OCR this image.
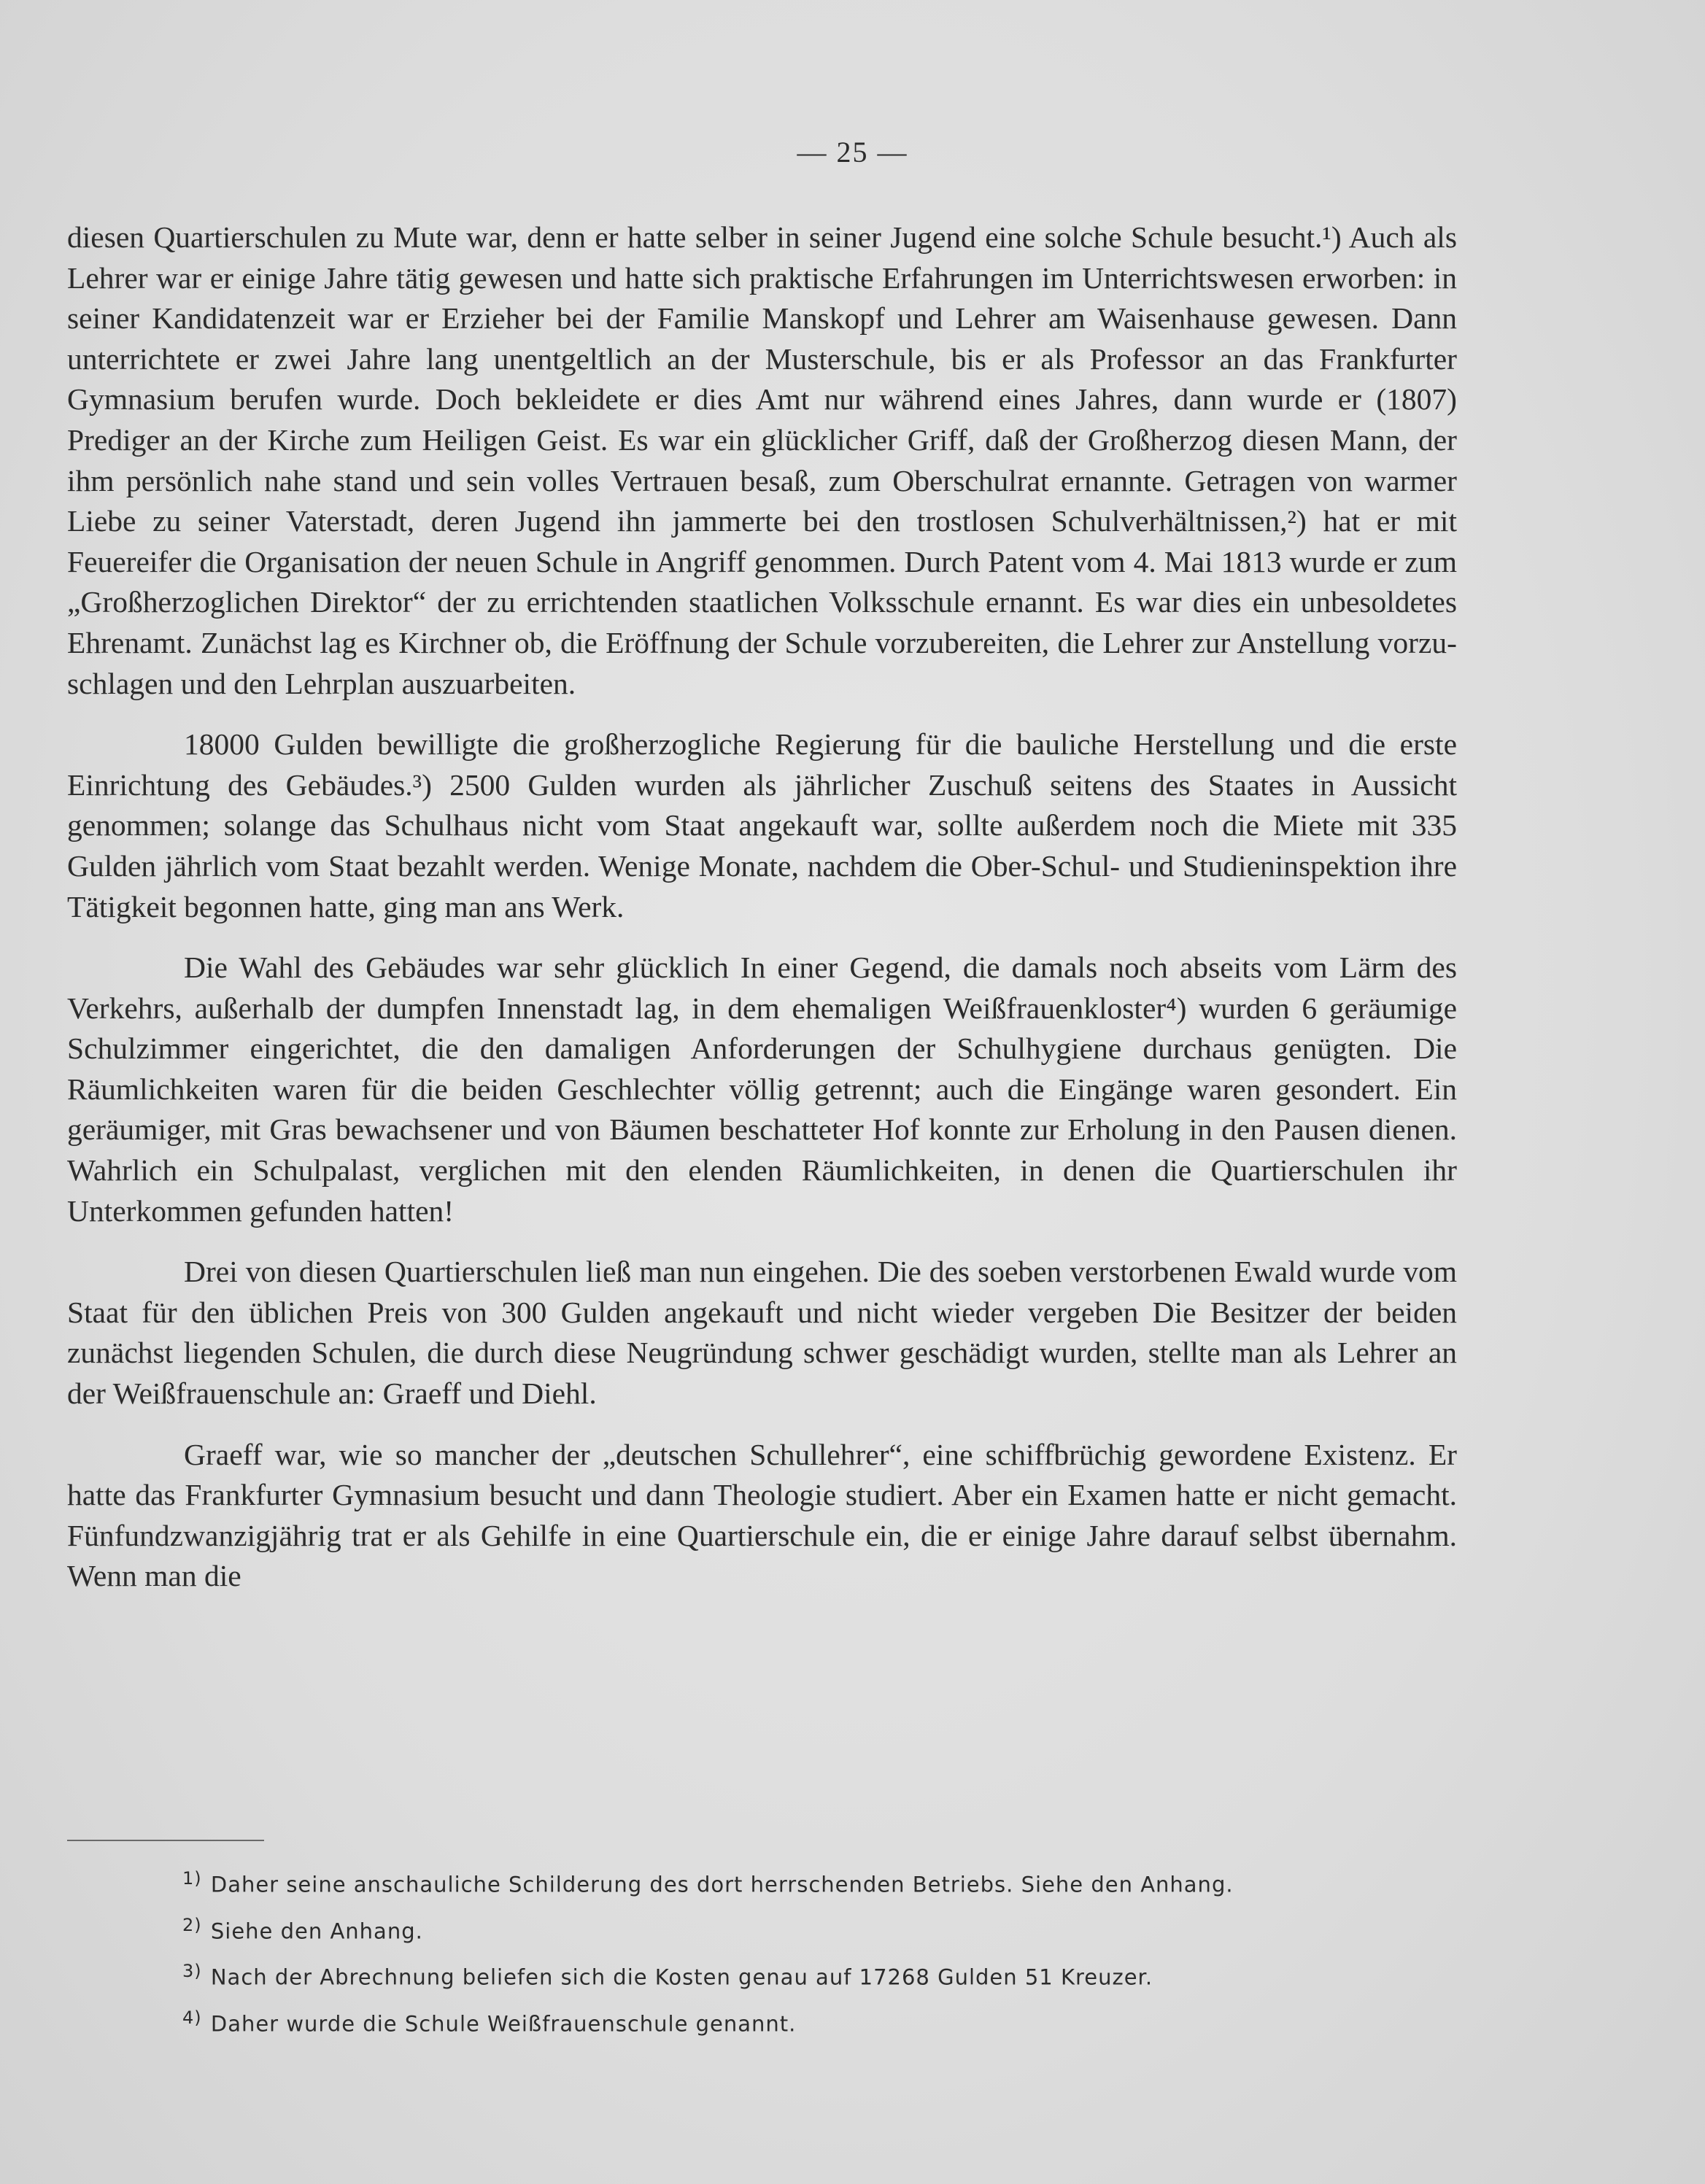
— 25 —

diesen Quartierschulen zu Mute war, denn er hatte selber in seiner Jugend eine solche Schule besucht.¹) Auch als Lehrer war er einige Jahre tätig gewesen und hatte sich praktische Erfahrungen im Unterrichtswesen erworben: in seiner Kandidatenzeit war er Erzieher bei der Familie Manskopf und Lehrer am Waisenhause gewesen. Dann unterrichtete er zwei Jahre lang unentgeltlich an der Musterschule, bis er als Professor an das Frankfurter Gymnasium berufen wurde. Doch bekleidete er dies Amt nur während eines Jahres, dann wurde er (1807) Prediger an der Kirche zum Heiligen Geist. Es war ein glücklicher Griff, daß der Großherzog diesen Mann, der ihm persönlich nahe stand und sein volles Vertrauen besaß, zum Oberschulrat ernannte. Getragen von warmer Liebe zu seiner Vaterstadt, deren Jugend ihn jammerte bei den trostlosen Schulverhältnissen,²) hat er mit Feuereifer die Organisation der neuen Schule in Angriff genommen. Durch Patent vom 4. Mai 1813 wurde er zum „Großherzoglichen Direktor“ der zu errichtenden staatlichen Volksschule ernannt. Es war dies ein unbesoldetes Ehrenamt. Zunächst lag es Kirchner ob, die Eröffnung der Schule vorzubereiten, die Lehrer zur Anstellung vorzuschlagen und den Lehrplan auszuarbeiten.

18000 Gulden bewilligte die großherzogliche Regierung für die bauliche Herstellung und die erste Einrichtung des Gebäudes.³) 2500 Gulden wurden als jährlicher Zuschuß seitens des Staates in Aussicht genommen; solange das Schulhaus nicht vom Staat angekauft war, sollte außerdem noch die Miete mit 335 Gulden jährlich vom Staat bezahlt werden. Wenige Monate, nachdem die Ober-Schul- und Studieninspektion ihre Tätigkeit begonnen hatte, ging man ans Werk.

Die Wahl des Gebäudes war sehr glücklich In einer Gegend, die damals noch abseits vom Lärm des Verkehrs, außerhalb der dumpfen Innenstadt lag, in dem ehemaligen Weißfrauenkloster⁴) wurden 6 geräumige Schulzimmer eingerichtet, die den damaligen Anforderungen der Schulhygiene durchaus genügten. Die Räumlichkeiten waren für die beiden Geschlechter völlig getrennt; auch die Eingänge waren gesondert. Ein geräumiger, mit Gras bewachsener und von Bäumen beschatteter Hof konnte zur Erholung in den Pausen dienen. Wahrlich ein Schulpalast, verglichen mit den elenden Räumlichkeiten, in denen die Quartierschulen ihr Unterkommen gefunden hatten!

Drei von diesen Quartierschulen ließ man nun eingehen. Die des soeben verstorbenen Ewald wurde vom Staat für den üblichen Preis von 300 Gulden angekauft und nicht wieder vergeben Die Besitzer der beiden zunächst liegenden Schulen, die durch diese Neugründung schwer geschädigt wurden, stellte man als Lehrer an der Weißfrauenschule an: Graeff und Diehl.

Graeff war, wie so mancher der „deutschen Schullehrer“, eine schiffbrüchig gewordene Existenz. Er hatte das Frankfurter Gymnasium besucht und dann Theologie studiert. Aber ein Examen hatte er nicht gemacht. Fünfundzwanzigjährig trat er als Gehilfe in eine Quartierschule ein, die er einige Jahre darauf selbst übernahm. Wenn man die

$^{1)}$ Daher seine anschauliche Schilderung des dort herrschenden Betriebs. Siehe den Anhang.

$^{2)}$ Siehe den Anhang.

$^{3)}$ Nach der Abrechnung beliefen sich die Kosten genau auf 17268 Gulden 51 Kreuzer.

$^{4)}$ Daher wurde die Schule Weißfrauenschule genannt.
